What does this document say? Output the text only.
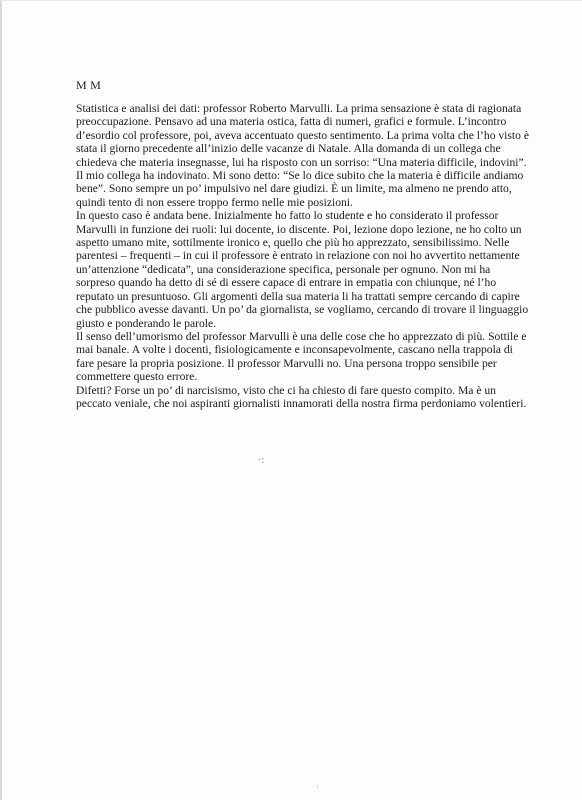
M M

Statistica e analisi dei dati: professor Roberto Marvulli. La prima sensazione è stata di ragionata preoccupazione. Pensavo ad una materia ostica, fatta di numeri, grafici e formule. L’incontro d’esordio col professore, poi, aveva accentuato questo sentimento. La prima volta che l’ho visto è stata il giorno precedente all’inizio delle vacanze di Natale. Alla domanda di un collega che chiedeva che materia insegnasse, lui ha risposto con un sorriso: “Una materia difficile, indovini”. Il mio collega ha indovinato. Mi sono detto: “Se lo dice subito che la materia è difficile andiamo bene”. Sono sempre un po’ impulsivo nel dare giudizi. È un limite, ma almeno ne prendo atto, quindi tento di non essere troppo fermo nelle mie posizioni.

In questo caso è andata bene. Inizialmente ho fatto lo studente e ho considerato il professor Marvulli in funzione dei ruoli: lui docente, io discente. Poi, lezione dopo lezione, ne ho colto un aspetto umano mite, sottilmente ironico e, quello che più ho apprezzato, sensibilissimo. Nelle parentesi – frequenti – in cui il professore è entrato in relazione con noi ho avvertito nettamente un’attenzione “dedicata”, una considerazione specifica, personale per ognuno. Non mi ha sorpreso quando ha detto di sé di essere capace di entrare in empatia con chiunque, né l’ho reputato un presuntuoso. Gli argomenti della sua materia li ha trattati sempre cercando di capire che pubblico avesse davanti. Un po’ da giornalista, se vogliamo, cercando di trovare il linguaggio giusto e ponderando le parole.

Il senso dell’umorismo del professor Marvulli è una delle cose che ho apprezzato di più. Sottile e mai banale. A volte i docenti, fisiologicamente e inconsapevolmente, cascano nella trappola di fare pesare la propria posizione. Il professor Marvulli no. Una persona troppo sensibile per commettere questo errore.

Difetti? Forse un po’ di narcisismo, visto che ci ha chiesto di fare questo compito. Ma è un peccato veniale, che noi aspiranti giornalisti innamorati della nostra firma perdoniamo volentieri.

·:
·
